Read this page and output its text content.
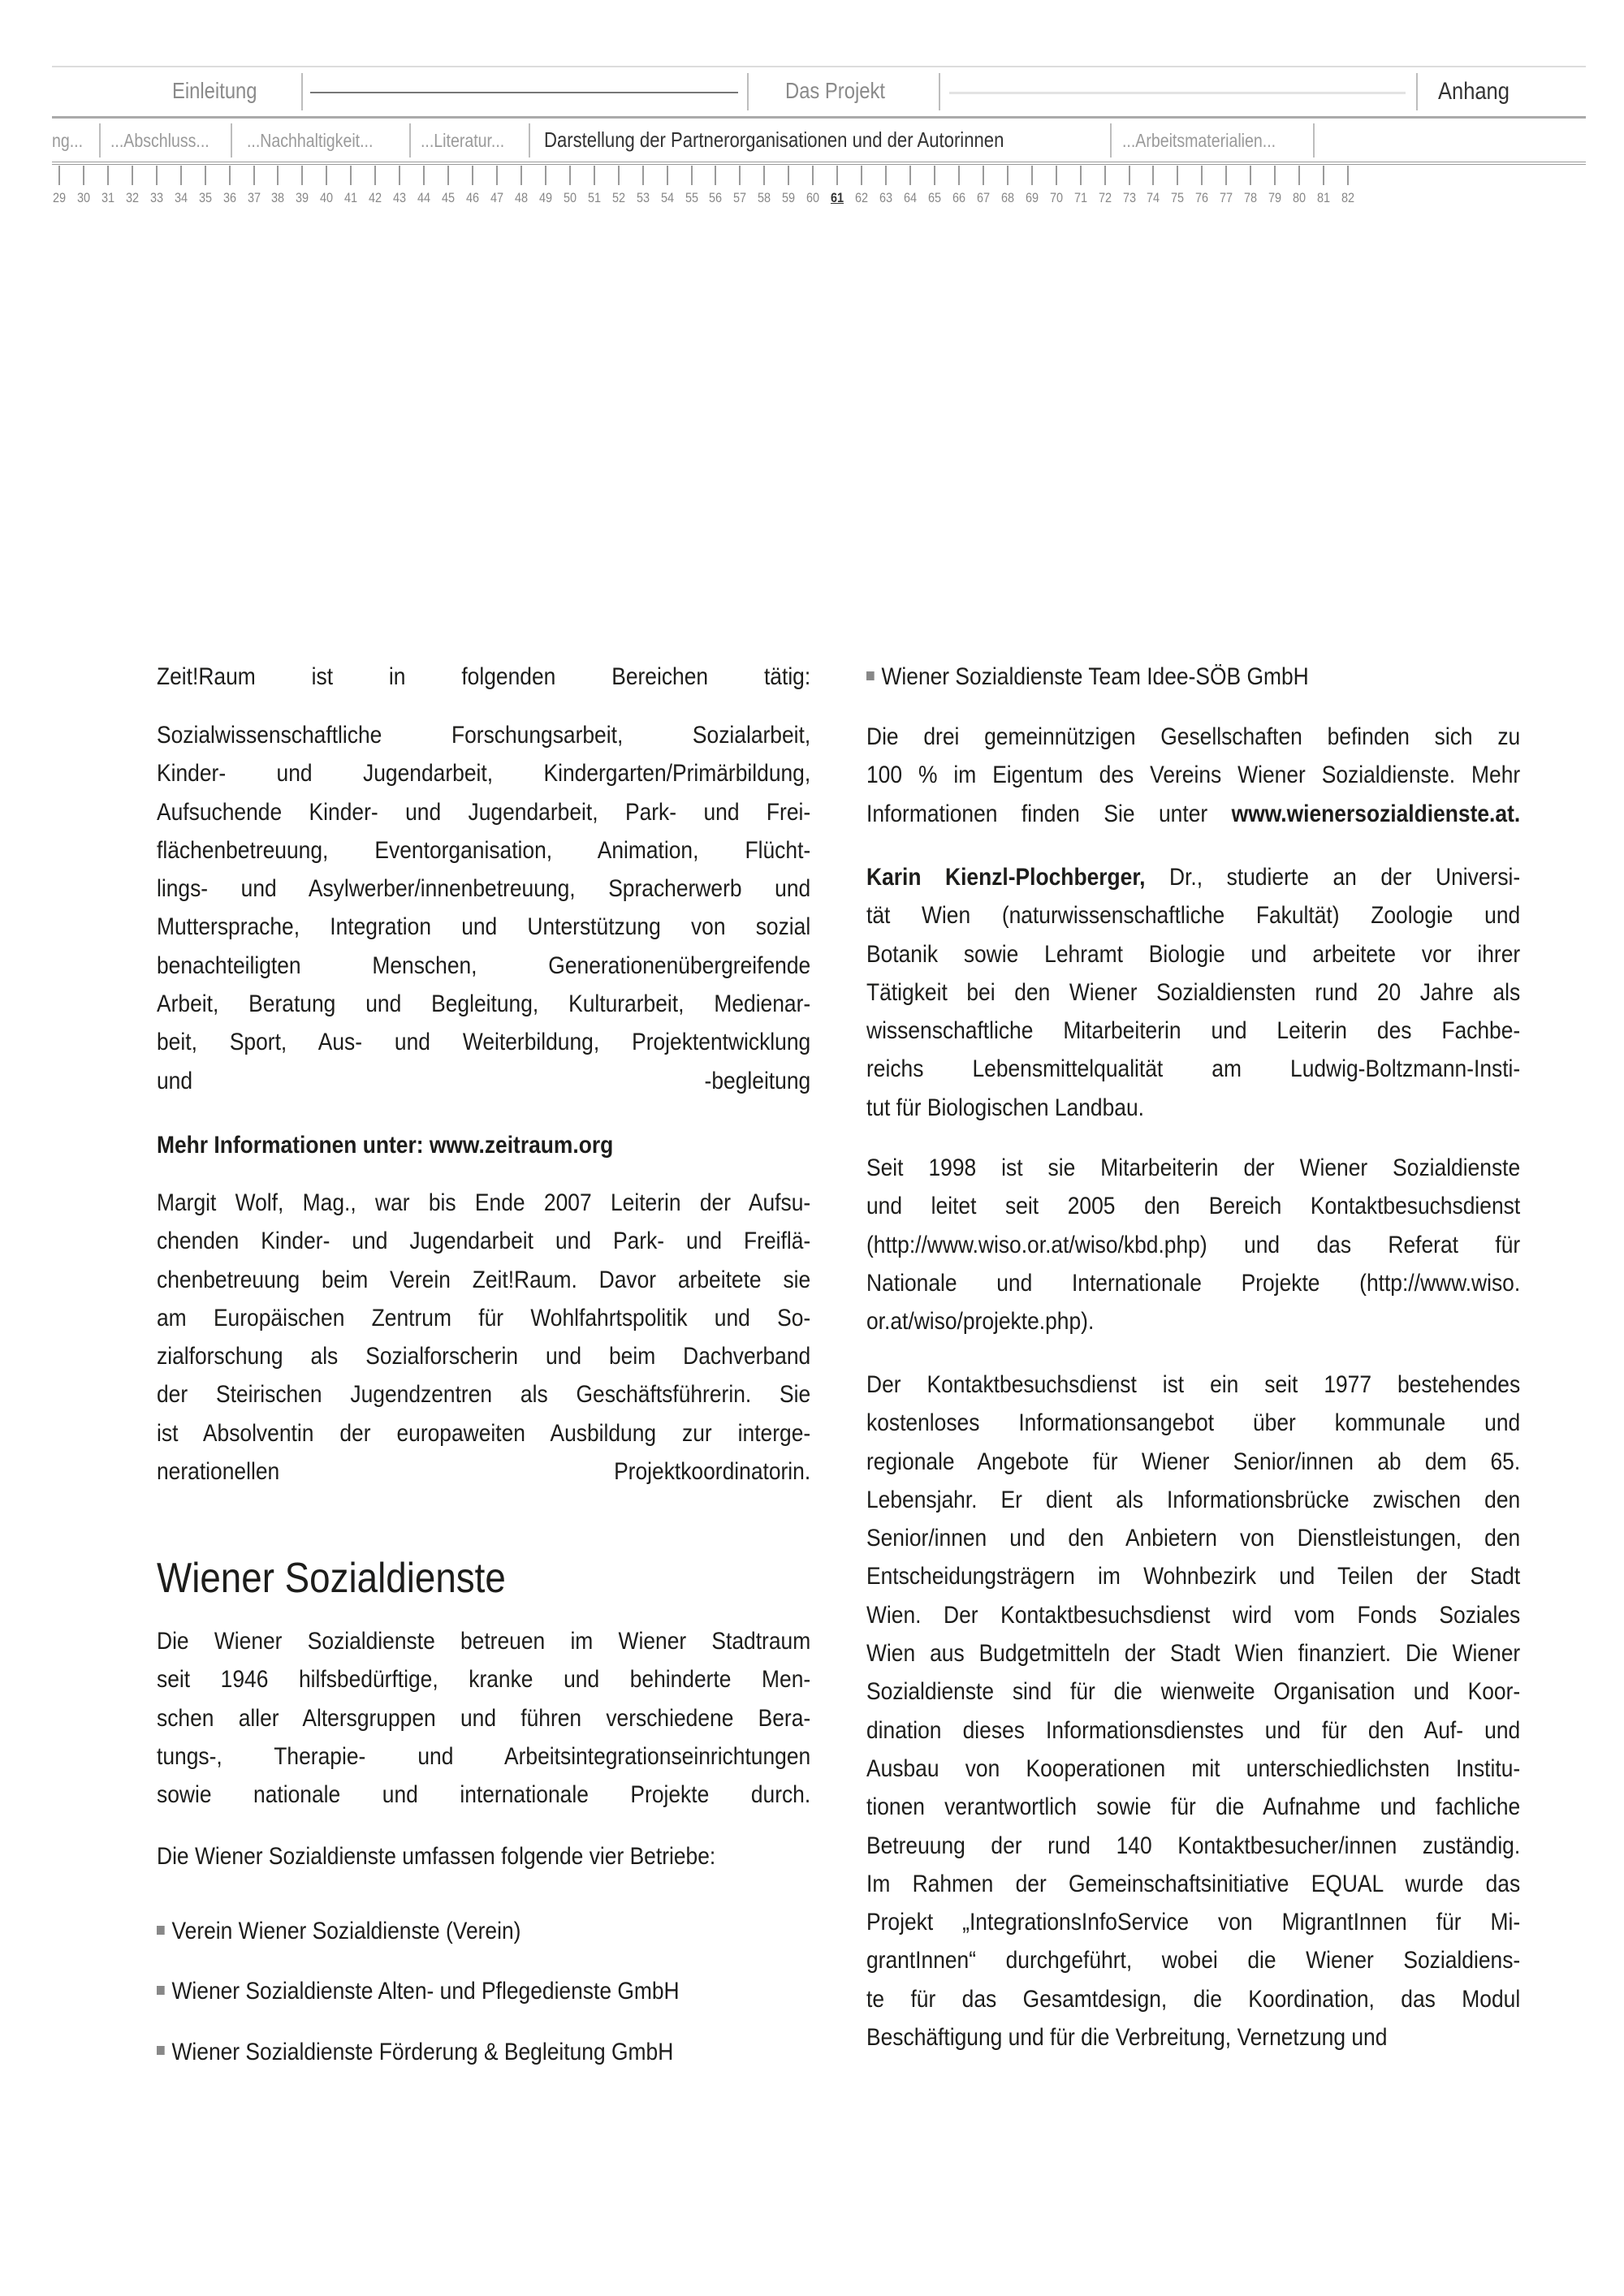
Einleitung	Das Projekt	Anhang
ng... ...Abschluss... ...Nachhaltigkeit...	...Literatur... Darstellung der Partnerorganisationen und der Autorinnen	...Arbeitsmaterialien...
29 30 31 32 33 34 35 36 37 38 39 40 41 42 43 44 45 46 47 48 49 50 51 52 53 54 55 56 57 58 59 60 61 62 63 64 65 66 67 68 69 70 71 72 73 74 75 76 77 78 79 80 81 82
Zeit!Raum ist in folgenden Bereichen tätig:
Sozialwissenschaftliche Forschungsarbeit, Sozialarbeit,
Kinder- und Jugendarbeit, Kindergarten/Primärbildung,
Aufsuchende Kinder- und Jugendarbeit, Park- und Frei-
flächenbetreuung, Eventorganisation, Animation, Flücht-
lings- und Asylwerber/innenbetreuung, Spracherwerb und
Muttersprache, Integration und Unterstützung von sozial
benachteiligten Menschen, Generationenübergreifende
Arbeit, Beratung und Begleitung, Kulturarbeit, Medienar-
beit, Sport, Aus- und Weiterbildung, Projektentwicklung
und -begleitung
Mehr Informationen unter: www.zeitraum.org
Margit Wolf, Mag., war bis Ende 2007 Leiterin der Aufsu-
chenden Kinder- und Jugendarbeit und Park- und Freiflä-
chenbetreuung beim Verein Zeit!Raum. Davor arbeitete sie
am Europäischen Zentrum für Wohlfahrtspolitik und So-
zialforschung als Sozialforscherin und beim Dachverband
der Steirischen Jugendzentren als Geschäftsführerin. Sie
ist Absolventin der europaweiten Ausbildung zur interge-
nerationellen Projektkoordinatorin.
Wiener Sozialdienste
Die Wiener Sozialdienste betreuen im Wiener Stadtraum
seit 1946 hilfsbedürftige, kranke und behinderte Men-
schen aller Altersgruppen und führen verschiedene Bera-
tungs-, Therapie- und Arbeitsintegrationseinrichtungen
sowie nationale und internationale Projekte durch.
Die Wiener Sozialdienste umfassen folgende vier Betriebe:
Verein Wiener Sozialdienste (Verein)
Wiener Sozialdienste Alten- und Pflegedienste GmbH
Wiener Sozialdienste Förderung & Begleitung GmbH
Wiener Sozialdienste Team Idee-SÖB GmbH
Die drei gemeinnützigen Gesellschaften befinden sich zu
100 % im Eigentum des Vereins Wiener Sozialdienste. Mehr
Informationen finden Sie unter www.wienersozialdienste.at.
Karin Kienzl-Plochberger, Dr., studierte an der Universi-
tät Wien (naturwissenschaftliche Fakultät) Zoologie und
Botanik sowie Lehramt Biologie und arbeitete vor ihrer
Tätigkeit bei den Wiener Sozialdiensten rund 20 Jahre als
wissenschaftliche Mitarbeiterin und Leiterin des Fachbe-
reichs Lebensmittelqualität am Ludwig-Boltzmann-Insti-
tut für Biologischen Landbau.
Seit 1998 ist sie Mitarbeiterin der Wiener Sozialdienste
und leitet seit 2005 den Bereich Kontaktbesuchsdienst
(http://www.wiso.or.at/wiso/kbd.php) und das Referat für
Nationale und Internationale Projekte (http://www.wiso.
or.at/wiso/projekte.php).
Der Kontaktbesuchsdienst ist ein seit 1977 bestehendes
kostenloses Informationsangebot über kommunale und
regionale Angebote für Wiener Senior/innen ab dem 65.
Lebensjahr. Er dient als Informationsbrücke zwischen den
Senior/innen und den Anbietern von Dienstleistungen, den
Entscheidungsträgern im Wohnbezirk und Teilen der Stadt
Wien. Der Kontaktbesuchsdienst wird vom Fonds Soziales
Wien aus Budgetmitteln der Stadt Wien finanziert. Die Wiener
Sozialdienste sind für die wienweite Organisation und Koor-
dination dieses Informationsdienstes und für den Auf- und
Ausbau von Kooperationen mit unterschiedlichsten Institu-
tionen verantwortlich sowie für die Aufnahme und fachliche
Betreuung der rund 140 Kontaktbesucher/innen zuständig.
Im Rahmen der Gemeinschaftsinitiative EQUAL wurde das
Projekt „IntegrationsInfoService von MigrantInnen für Mi-
grantInnen“ durchgeführt, wobei die Wiener Sozialdiens-
te für das Gesamtdesign, die Koordination, das Modul
Beschäftigung und für die Verbreitung, Vernetzung und
